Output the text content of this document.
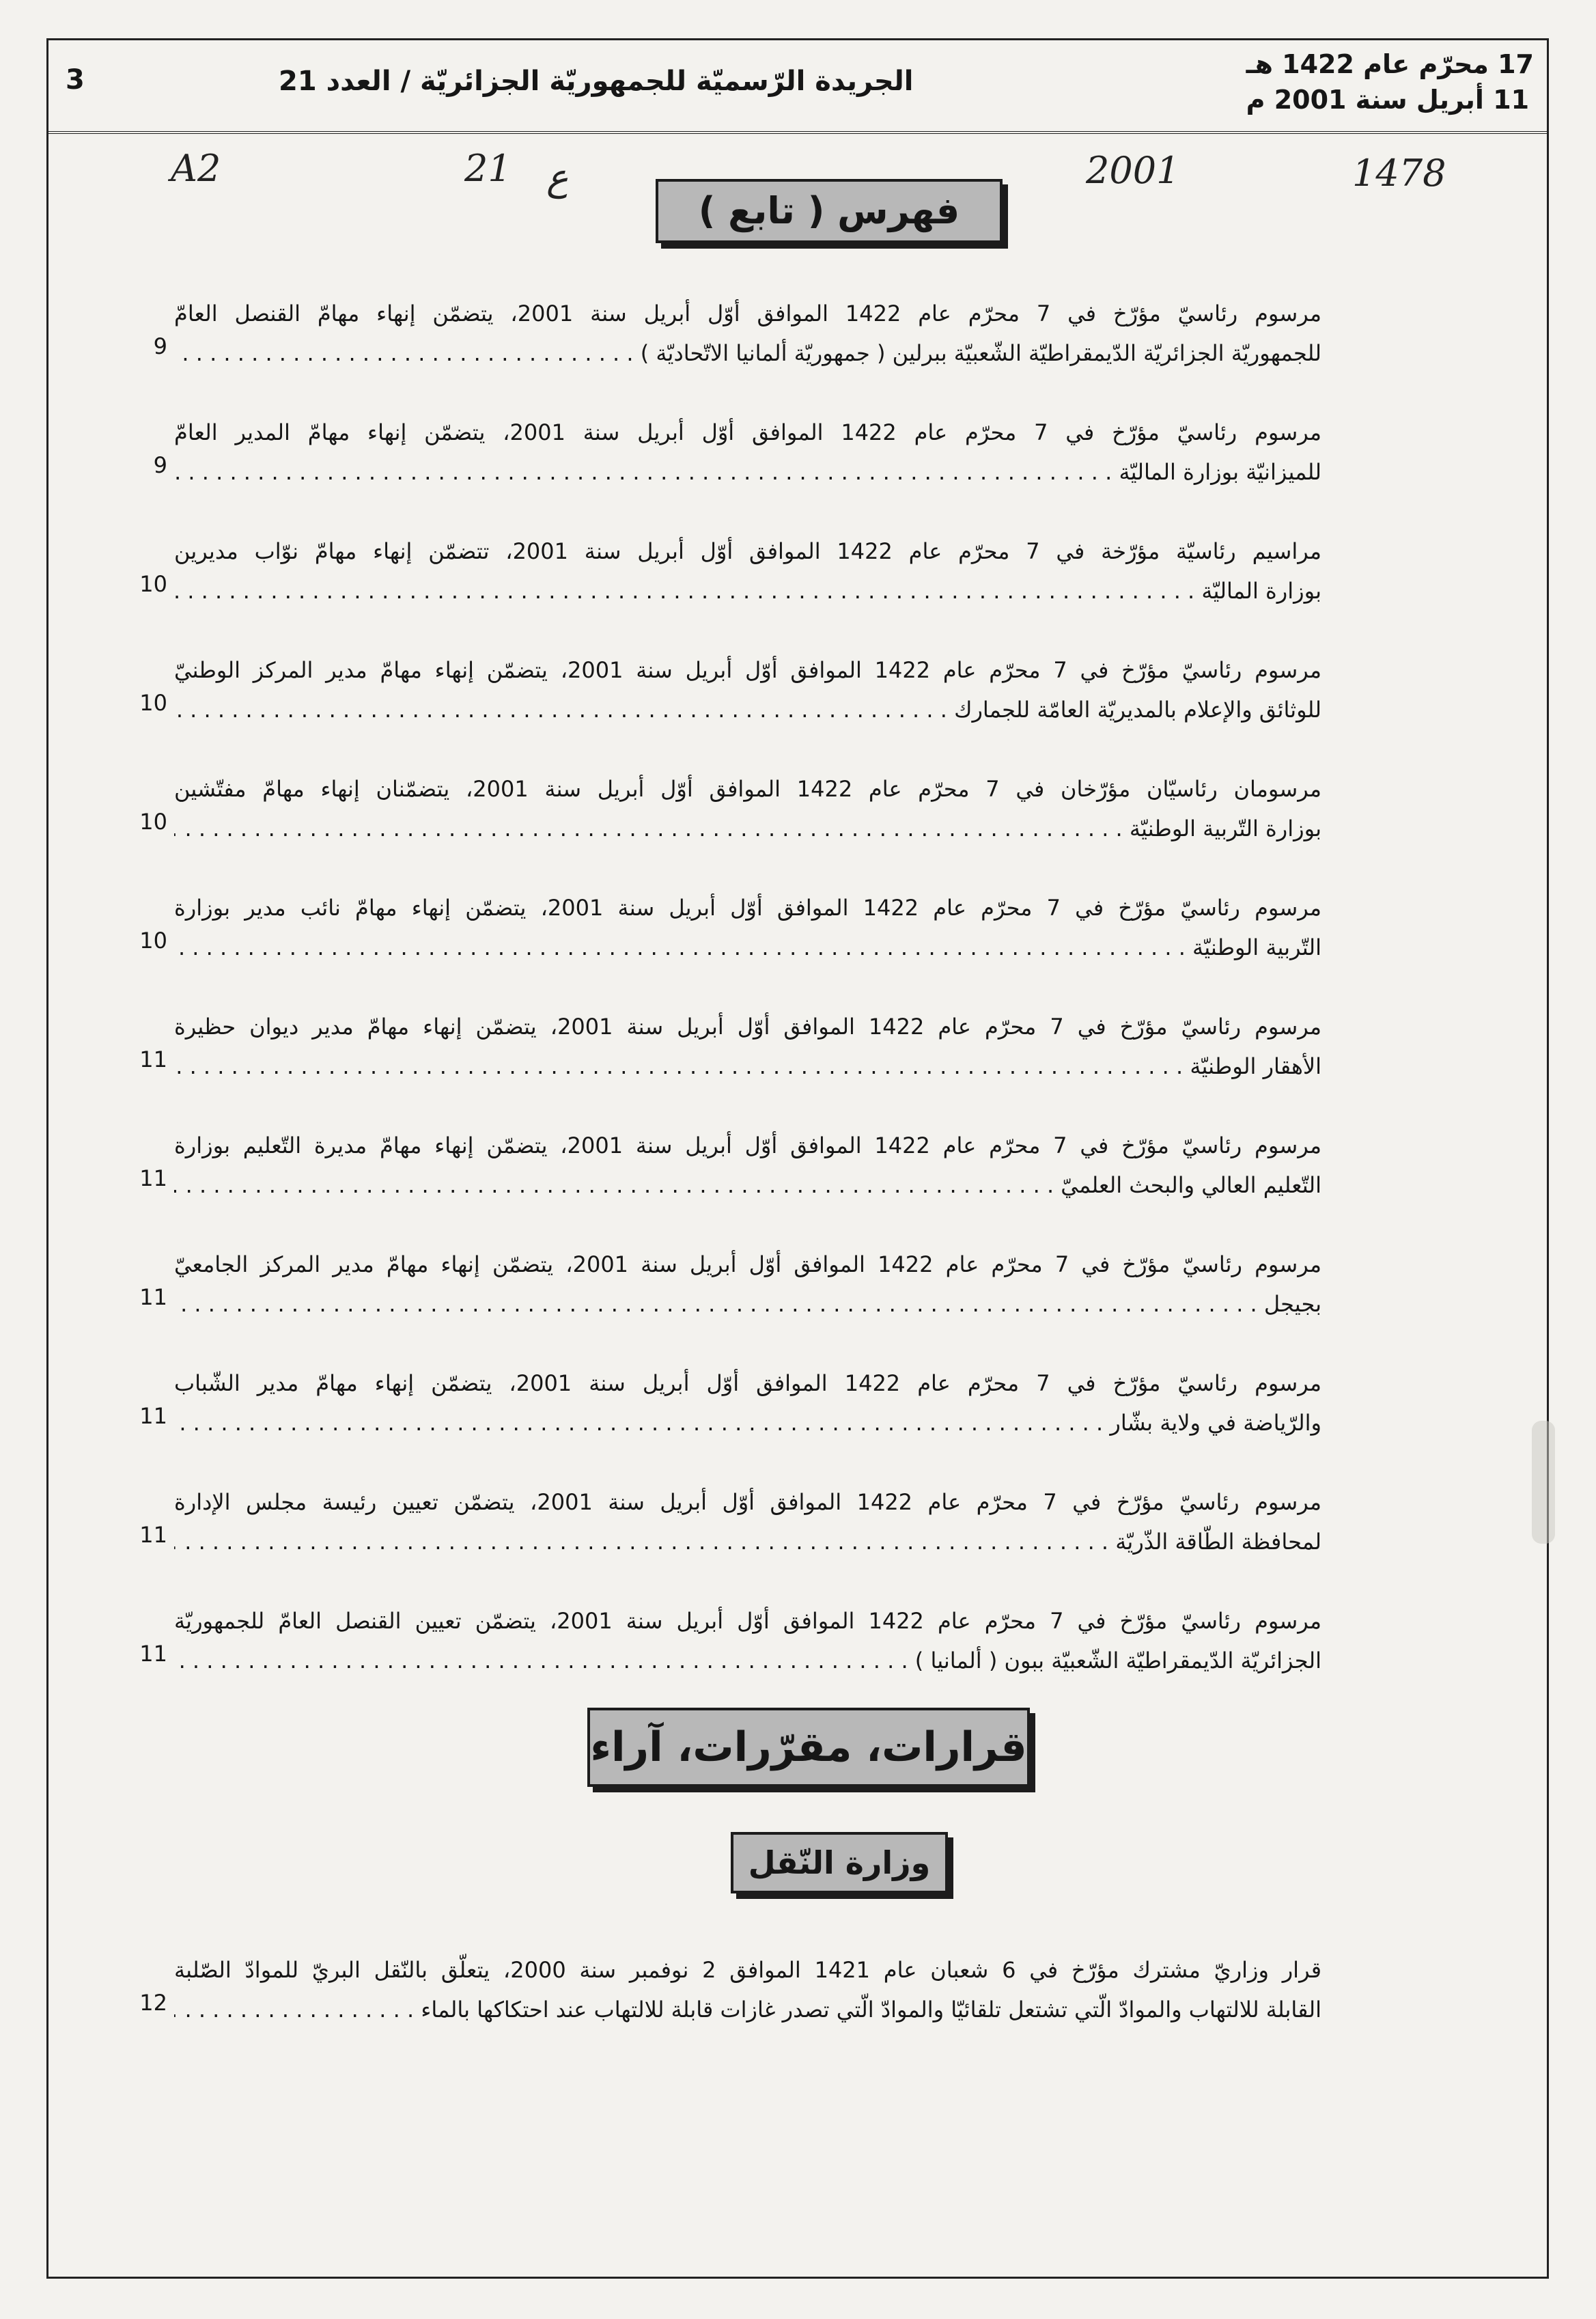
3	الجريدة الرّسميّة للجمهوريّة الجزائريّة / العدد 21
17 محرّم عام 1422 هـ
11 أبريل سنة 2001 م
A2	21 ع	2001	1478
فهرس ( تابع )
مرسوم رئاسيّ مؤرّخ في 7 محرّم عام 1422 الموافق أوّل أبريل سنة 2001، يتضمّن إنهاء مهامّ القنصل العامّ
للجمهوريّة الجزائريّة الدّيمقراطيّة الشّعبيّة ببرلين ( جمهوريّة ألمانيا الاتّحاديّة ) . . .
9
مرسوم رئاسيّ مؤرّخ في 7 محرّم عام 1422 الموافق أوّل أبريل سنة 2001، يتضمّن إنهاء مهامّ المدير العامّ
للميزانيّة بوزارة الماليّة . . .
9
مراسيم رئاسيّة مؤرّخة في 7 محرّم عام 1422 الموافق أوّل أبريل سنة 2001، تتضمّن إنهاء مهامّ نوّاب مديرين
بوزارة الماليّة . . .
10
مرسوم رئاسيّ مؤرّخ في 7 محرّم عام 1422 الموافق أوّل أبريل سنة 2001، يتضمّن إنهاء مهامّ مدير المركز الوطنيّ
للوثائق والإعلام بالمديريّة العامّة للجمارك . . .
10
مرسومان رئاسيّان مؤرّخان في 7 محرّم عام 1422 الموافق أوّل أبريل سنة 2001، يتضمّنان إنهاء مهامّ مفتّشين
بوزارة التّربية الوطنيّة . . .
10
مرسوم رئاسيّ مؤرّخ في 7 محرّم عام 1422 الموافق أوّل أبريل سنة 2001، يتضمّن إنهاء مهامّ نائب مدير بوزارة
التّربية الوطنيّة . . .
10
مرسوم رئاسيّ مؤرّخ في 7 محرّم عام 1422 الموافق أوّل أبريل سنة 2001، يتضمّن إنهاء مهامّ مدير ديوان حظيرة
الأهقار الوطنيّة . . .
11
مرسوم رئاسيّ مؤرّخ في 7 محرّم عام 1422 الموافق أوّل أبريل سنة 2001، يتضمّن إنهاء مهامّ مديرة التّعليم بوزارة
التّعليم العالي والبحث العلميّ . . .
11
مرسوم رئاسيّ مؤرّخ في 7 محرّم عام 1422 الموافق أوّل أبريل سنة 2001، يتضمّن إنهاء مهامّ مدير المركز الجامعيّ
بجيجل . . .
11
مرسوم رئاسيّ مؤرّخ في 7 محرّم عام 1422 الموافق أوّل أبريل سنة 2001، يتضمّن إنهاء مهامّ مدير الشّباب
والرّياضة في ولاية بشّار . . .
11
مرسوم رئاسيّ مؤرّخ في 7 محرّم عام 1422 الموافق أوّل أبريل سنة 2001، يتضمّن تعيين رئيسة مجلس الإدارة
لمحافظة الطّاقة الذّريّة . . .
11
مرسوم رئاسيّ مؤرّخ في 7 محرّم عام 1422 الموافق أوّل أبريل سنة 2001، يتضمّن تعيين القنصل العامّ للجمهوريّة
الجزائريّة الدّيمقراطيّة الشّعبيّة ببون ( ألمانيا ) . . .
11
قرارات، مقرّرات، آراء
وزارة النّقل
قرار وزاريّ مشترك مؤرّخ في 6 شعبان عام 1421 الموافق 2 نوفمبر سنة 2000، يتعلّق بالنّقل البريّ للموادّ الصّلبة
القابلة للالتهاب والموادّ الّتي تشتعل تلقائيّا والموادّ الّتي تصدر غازات قابلة للالتهاب عند احتكاكها بالماء . . .
12
